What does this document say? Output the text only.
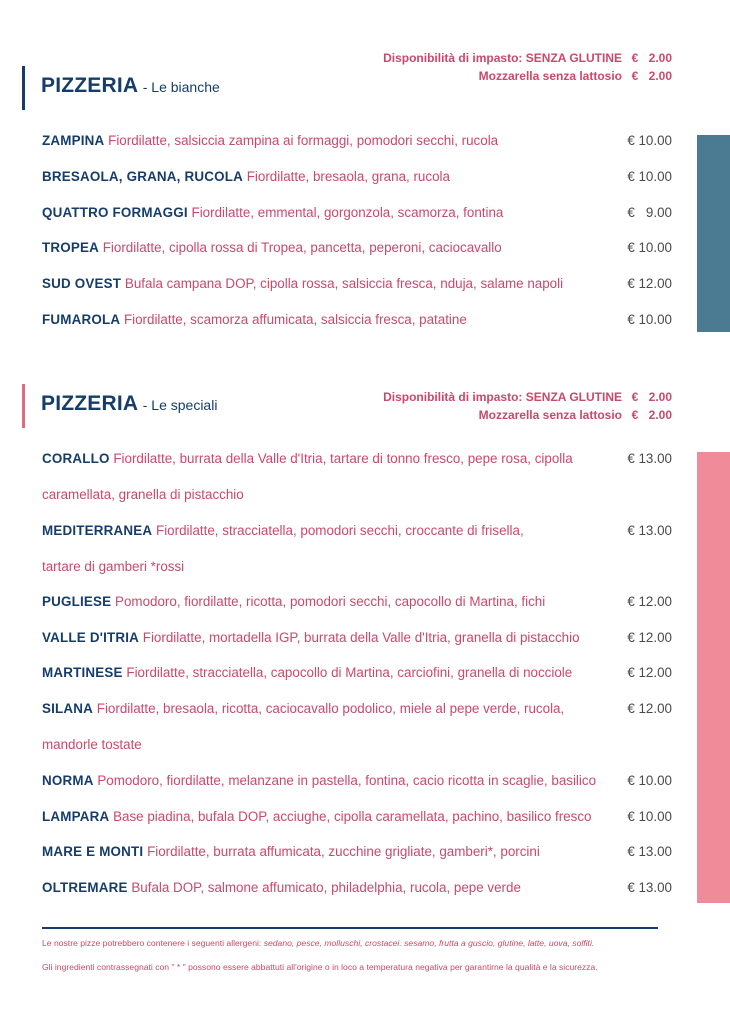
PIZZERIA - Le bianche
Disponibilità di impasto: SENZA GLUTINE € 2.00
Mozzarella senza lattosio € 2.00
ZAMPINA Fiordilatte, salsiccia zampina ai formaggi, pomodori secchi, rucola	€ 10.00
BRESAOLA, GRANA, RUCOLA Fiordilatte, bresaola, grana, rucola	€ 10.00
QUATTRO FORMAGGI Fiordilatte, emmental, gorgonzola, scamorza, fontina	€   9.00
TROPEA Fiordilatte, cipolla rossa di Tropea, pancetta, peperoni, caciocavallo	€ 10.00
SUD OVEST Bufala campana DOP, cipolla rossa, salsiccia fresca, nduja, salame napoli	€ 12.00
FUMAROLA Fiordilatte, scamorza affumicata, salsiccia fresca, patatine	€ 10.00
PIZZERIA - Le speciali	Disponibilità di impasto: SENZA GLUTINE € 2.00
Mozzarella senza lattosio € 2.00
CORALLO Fiordilatte, burrata della Valle d'Itria, tartare di tonno fresco, pepe rosa, cipolla caramellata, granella di pistacchio
€ 13.00
MEDITERRANEA Fiordilatte, stracciatella, pomodori secchi, croccante di frisella, tartare di gamberi *rossi
€ 13.00
PUGLIESE Pomodoro, fiordilatte, ricotta, pomodori secchi, capocollo di Martina, fichi	€ 12.00
VALLE D'ITRIA Fiordilatte, mortadella IGP, burrata della Valle d'Itria, granella di pistacchio	€ 12.00
MARTINESE Fiordilatte, stracciatella, capocollo di Martina, carciofini, granella di nocciole	€ 12.00
SILANA Fiordilatte, bresaola, ricotta, caciocavallo podolico, miele al pepe verde, rucola, mandorle tostate
€ 12.00
NORMA Pomodoro, fiordilatte, melanzane in pastella, fontina, cacio ricotta in scaglie, basilico	€ 10.00
LAMPARA Base piadina, bufala DOP, acciughe, cipolla caramellata, pachino, basilico fresco	€ 10.00
MARE E MONTI Fiordilatte, burrata affumicata, zucchine grigliate, gamberi*, porcini	€ 13.00
OLTREMARE Bufala DOP, salmone affumicato, philadelphia, rucola, pepe verde	€ 13.00
Le nostre pizze potrebbero contenere i seguenti allergeni: sedano, pesce, molluschi, crostacei. sesamo, frutta a guscio, glutine, latte, uova, solfiti.
Gli ingredienti contrassegnati con " * " possono essere abbattuti all'origine o in loco a temperatura negativa per garantirne la qualità e la sicurezza.
